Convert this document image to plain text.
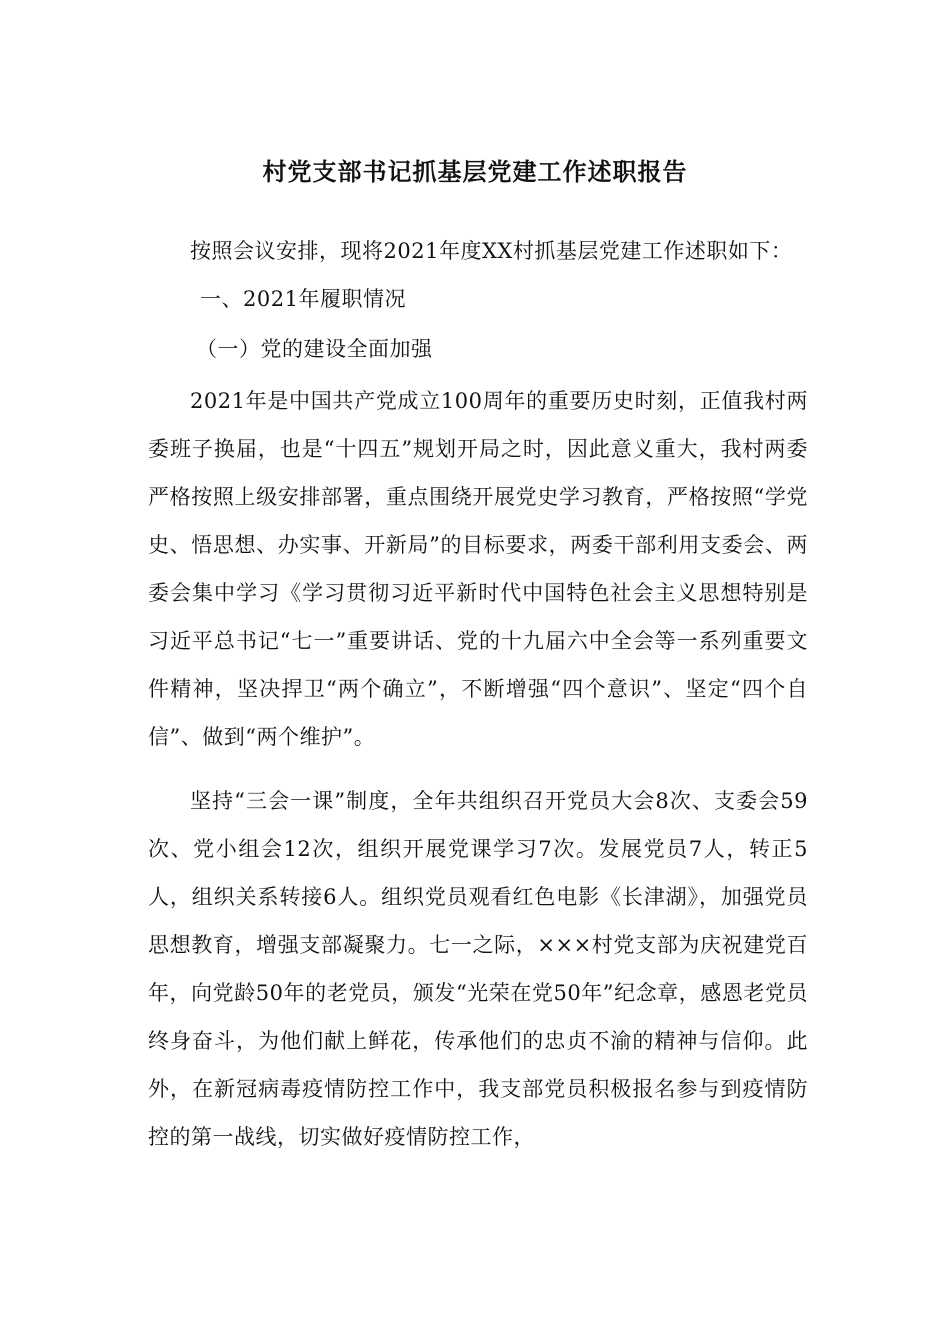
村党支部书记抓基层党建工作述职报告

按照会议安排，现将2021年度XX村抓基层党建工作述职如下：

一、2021年履职情况

（一）党的建设全面加强

2021年是中国共产党成立100周年的重要历史时刻，正值我村两委班子换届，也是“十四五”规划开局之时，因此意义重大，我村两委严格按照上级安排部署，重点围绕开展党史学习教育，严格按照“学党史、悟思想、办实事、开新局”的目标要求，两委干部利用支委会、两委会集中学习《学习贯彻习近平新时代中国特色社会主义思想特别是习近平总书记“七一”重要讲话、党的十九届六中全会等一系列重要文件精神，坚决捍卫“两个确立”，不断增强“四个意识”、坚定“四个自信”、做到“两个维护”。

坚持“三会一课”制度，全年共组织召开党员大会8次、支委会59次、党小组会12次，组织开展党课学习7次。发展党员7人，转正5人，组织关系转接6人。组织党员观看红色电影《长津湖》，加强党员思想教育，增强支部凝聚力。七一之际，×××村党支部为庆祝建党百年，向党龄50年的老党员，颁发“光荣在党50年”纪念章，感恩老党员终身奋斗，为他们献上鲜花，传承他们的忠贞不渝的精神与信仰。此外，在新冠病毒疫情防控工作中，我支部党员积极报名参与到疫情防控的第一战线，切实做好疫情防控工作，
